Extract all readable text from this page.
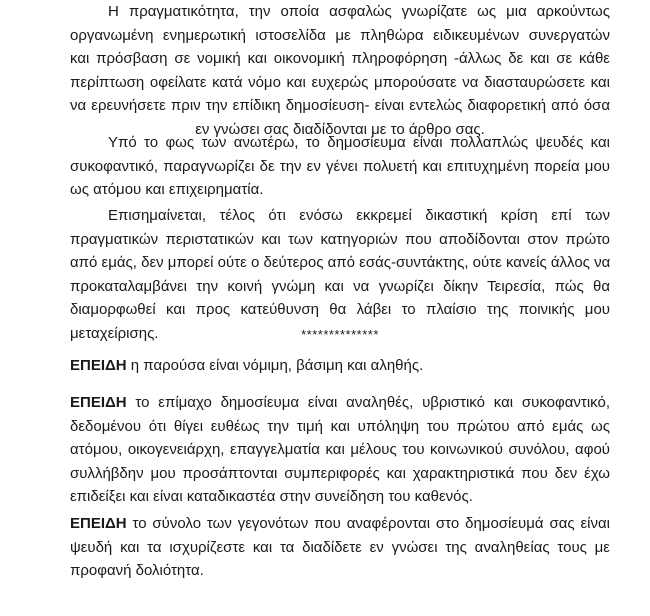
Η πραγματικότητα, την οποία ασφαλώς γνωρίζατε ως μια αρκούντως
οργανωμένη ενημερωτική ιστοσελίδα με πληθώρα ειδικευμένων συνεργατών
και πρόσβαση σε νομική και οικονομική πληροφόρηση -άλλως δε και σε κάθε
περίπτωση οφείλατε κατά νόμο και ευχερώς μπορούσατε να διασταυρώσετε και
να ερευνήσετε πριν την επίδικη δημοσίευση- είναι εντελώς διαφορετική από όσα
εν γνώσει σας διαδίδονται με το άρθρο σας.
Υπό το φως των ανωτέρω, το δημοσίευμα είναι πολλαπλώς ψευδές και
συκοφαντικό, παραγνωρίζει δε την εν γένει πολυετή και επιτυχημένη πορεία μου
ως ατόμου και επιχειρηματία.
Επισημαίνεται, τέλος ότι ενόσω εκκρεμεί δικαστική κρίση επί των
πραγματικών περιστατικών και των κατηγοριών που αποδίδονται στον πρώτο
από εμάς, δεν μπορεί ούτε ο δεύτερος από εσάς-συντάκτης, ούτε κανείς άλλος να
προκαταλαμβάνει την κοινή γνώμη και να γνωρίζει δίκην Τειρεσία, πώς θα
διαμορφωθεί και προς κατεύθυνση θα λάβει το πλαίσιο της ποινικής μου
μεταχείρισης.	**************
ΕΠΕΙΔΗ η παρούσα είναι νόμιμη, βάσιμη και αληθής.
ΕΠΕΙΔΗ το επίμαχο δημοσίευμα είναι αναληθές, υβριστικό και συκοφαντικό,
δεδομένου ότι θίγει ευθέως την τιμή και υπόληψη του πρώτου από εμάς ως
ατόμου, οικογενειάρχη, επαγγελματία και μέλους του κοινωνικού συνόλου, αφού
συλλήβδην μου προσάπτονται συμπεριφορές και χαρακτηριστικά που δεν έχω
επιδείξει και είναι καταδικαστέα στην συνείδηση του καθενός.
ΕΠΕΙΔΗ το σύνολο των γεγονότων που αναφέρονται στο δημοσίευμά σας είναι
ψευδή και τα ισχυρίζεστε και τα διαδίδετε εν γνώσει της αναληθείας τους με
προφανή δολιότητα.
